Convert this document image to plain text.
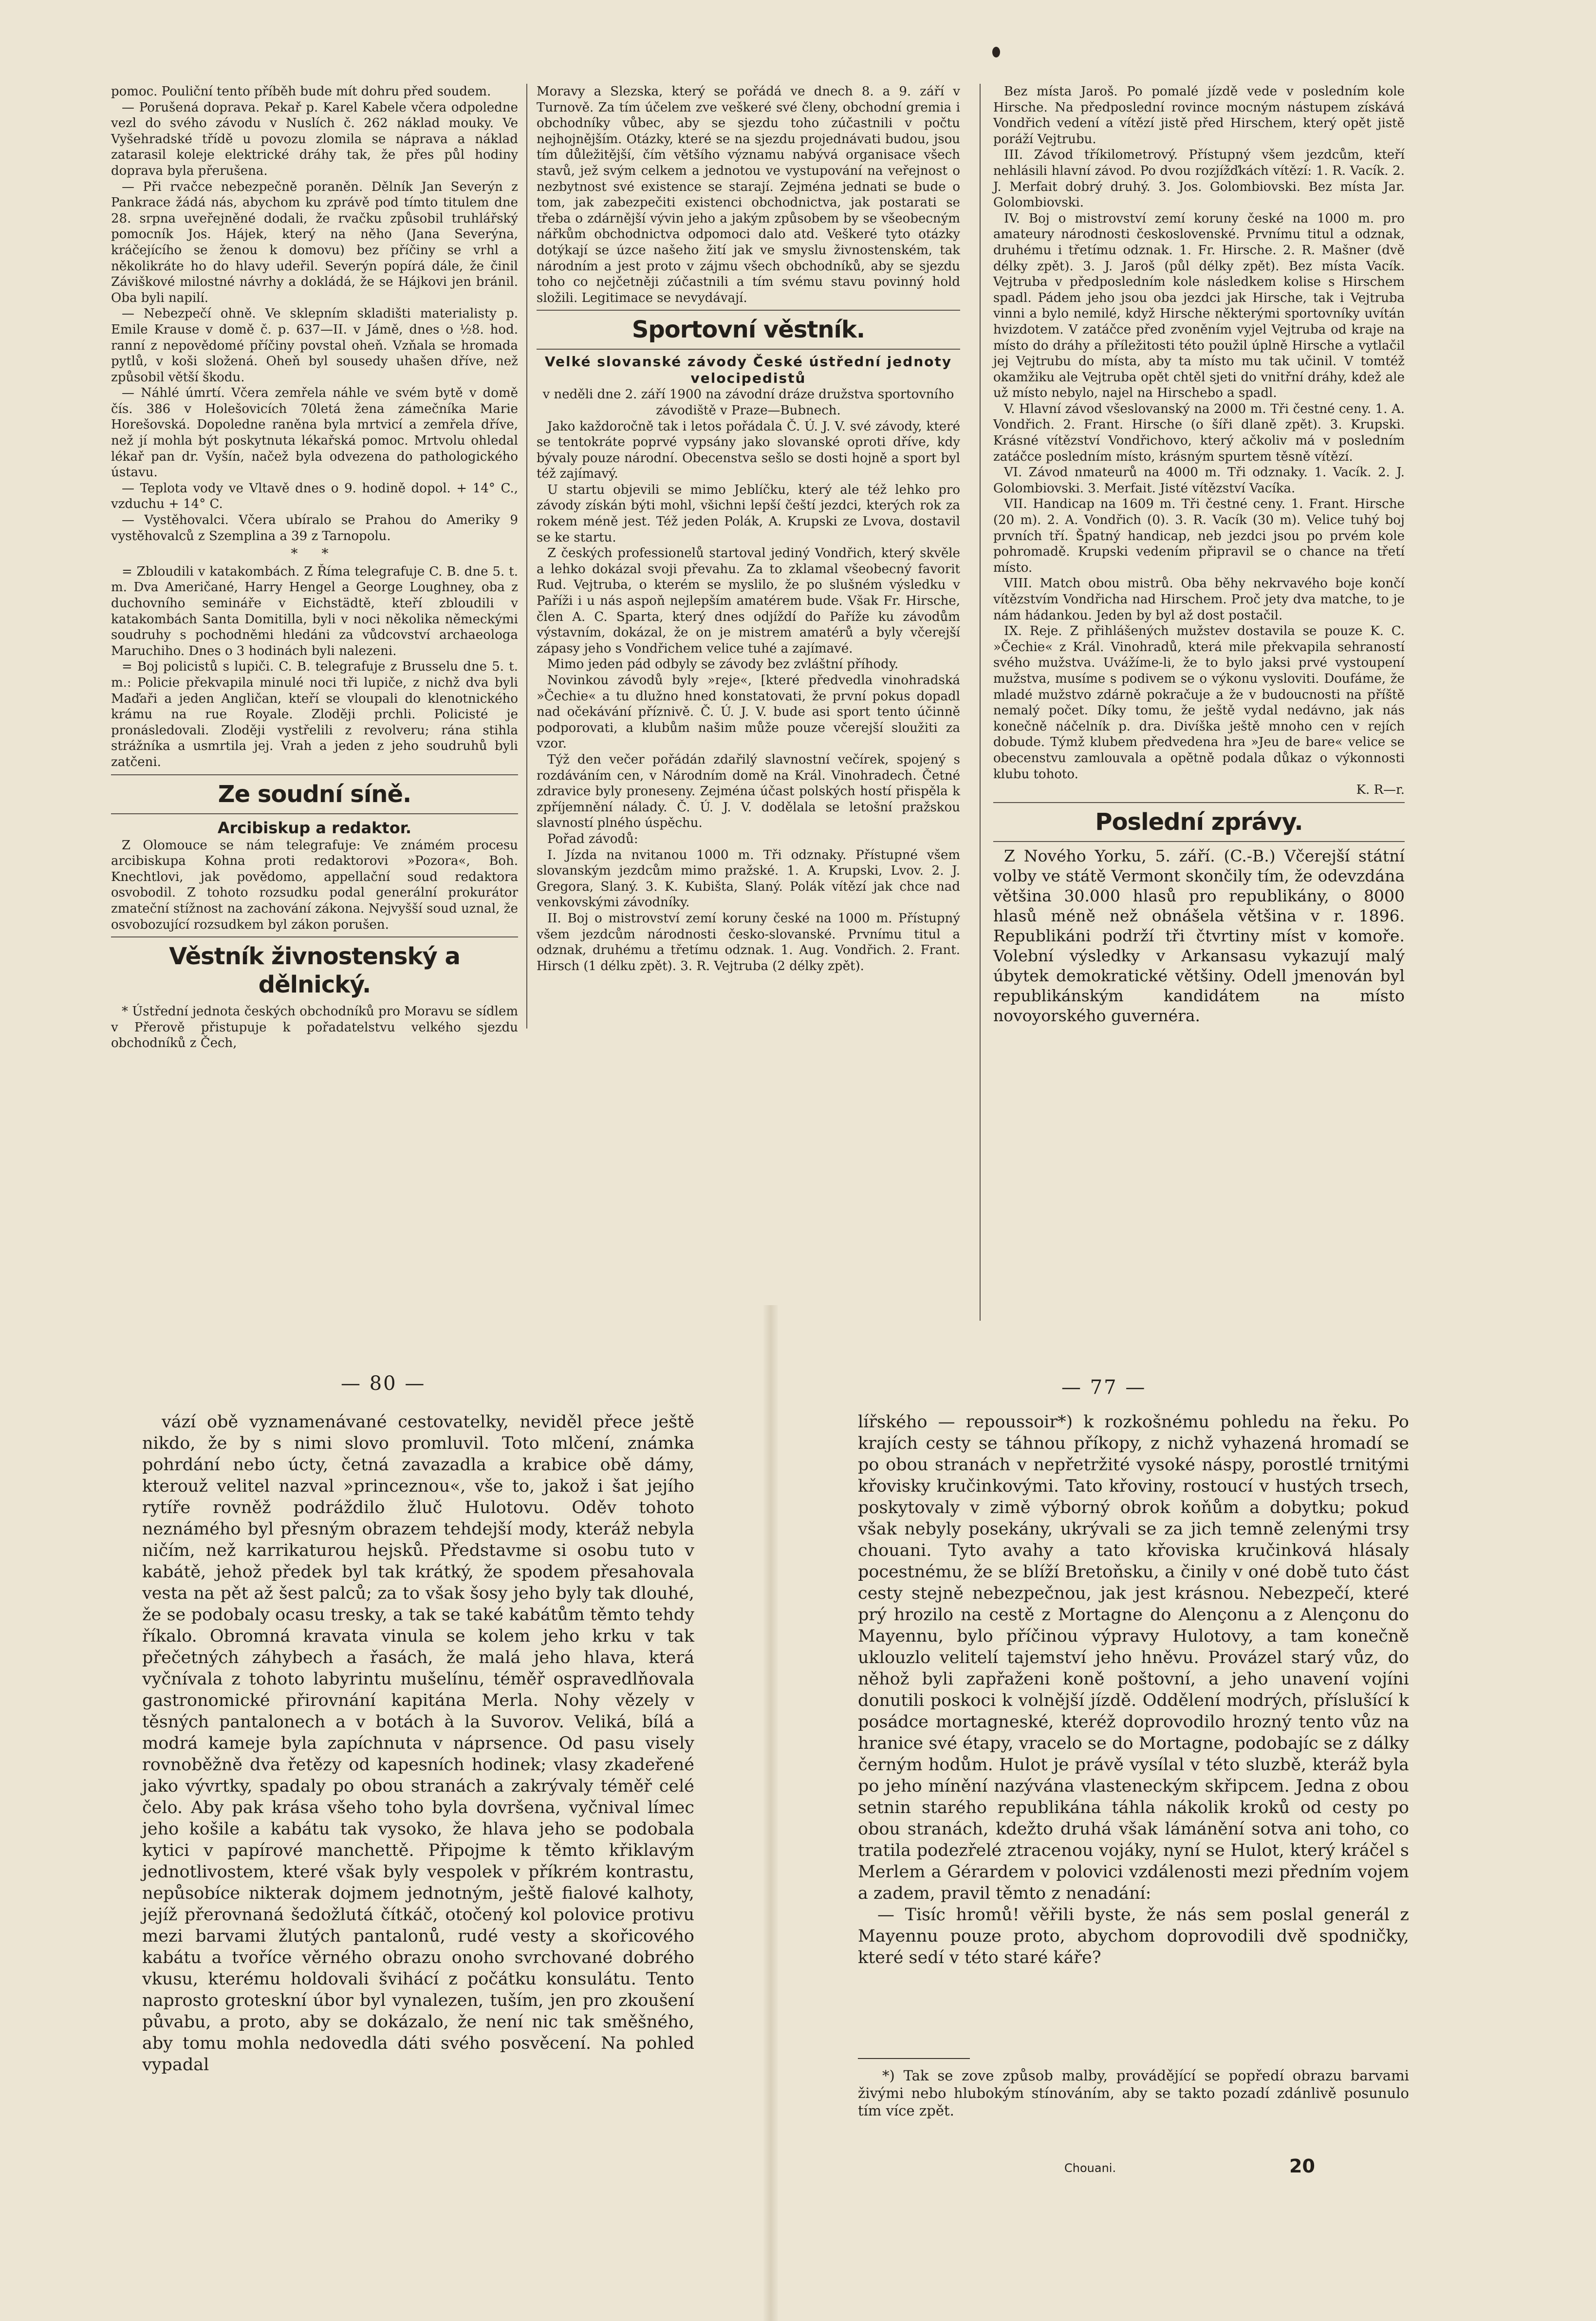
pomoc. Pouliční tento příběh bude mít dohru před soudem.

— Porušená doprava. Pekař p. Karel Kabele včera odpoledne vezl do svého závodu v Nuslích č. 262 náklad mouky. Ve Vyšehradské třídě u povozu zlomila se náprava a náklad zatarasil koleje elektrické dráhy tak, že přes půl hodiny doprava byla přerušena.

— Při rvačce nebezpečně poraněn. Dělník Jan Severýn z Pankrace žádá nás, abychom ku zprávě pod tímto titulem dne 28. srpna uveřejněné dodali, že rvačku způsobil truhlářský pomocník Jos. Hájek, který na něho (Jana Severýna, kráčejícího se ženou k domovu) bez příčiny se vrhl a několikráte ho do hlavy udeřil. Severýn popírá dále, že činil Záviškové milostné návrhy a dokládá, že se Hájkovi jen bránil. Oba byli napilí.

— Nebezpečí ohně. Ve sklepním skladišti materialisty p. Emile Krause v domě č. p. 637—II. v Jámě, dnes o ½8. hod. ranní z nepovědomé příčiny povstal oheň. Vzňala se hromada pytlů, v koši složená. Oheň byl sousedy uhašen dříve, než způsobil větší škodu.

— Náhlé úmrtí. Včera zemřela náhle ve svém bytě v domě čís. 386 v Holešovicích 70letá žena zámečníka Marie Horešovská. Dopoledne raněna byla mrtvicí a zemřela dříve, než jí mohla být poskytnuta lékařská pomoc. Mrtvolu ohledal lékař pan dr. Vyšín, načež byla odvezena do pathologického ústavu.

— Teplota vody ve Vltavě dnes o 9. hodině dopol. + 14° C., vzduchu + 14° C.

— Vystěhovalci. Včera ubíralo se Prahou do Ameriky 9 vystěhovalců z Szemplina a 39 z Tarnopolu.

* *

= Zbloudili v katakombách. Z Říma telegrafuje C. B. dne 5. t. m. Dva Američané, Harry Hengel a George Loughney, oba z duchovního semináře v Eichstädtě, kteří zbloudili v katakombách Santa Domitilla, byli v noci několika německými soudruhy s pochodněmi hledáni za vůdcovství archaeologa Maruchiho. Dnes o 3 hodinách byli nalezeni.

= Boj policistů s lupiči. C. B. telegrafuje z Brusselu dne 5. t. m.: Policie překvapila minulé noci tři lupiče, z nichž dva byli Maďaři a jeden Angličan, kteří se vloupali do klenotnického krámu na rue Royale. Zloději prchli. Policisté je pronásledovali. Zloději vystřelili z revolveru; rána stihla strážníka a usmrtila jej. Vrah a jeden z jeho soudruhů byli zatčeni.

Ze soudní síně.
Arcibiskup a redaktor.

Z Olomouce se nám telegrafuje: Ve známém procesu arcibiskupa Kohna proti redaktorovi »Pozora«, Boh. Knechtlovi, jak povědomo, appellační soud redaktora osvobodil. Z tohoto rozsudku podal generální prokurátor zmateční stížnost na zachování zákona. Nejvyšší soud uznal, že osvobozující rozsudkem byl zákon porušen.

Věstník živnostenský a dělnický.

* Ústřední jednota českých obchodníků pro Moravu se sídlem v Přerově přistupuje k pořadatelstvu velkého sjezdu obchodníků z Čech,

Moravy a Slezska, který se pořádá ve dnech 8. a 9. září v Turnově. Za tím účelem zve veškeré své členy, obchodní gremia i obchodníky vůbec, aby se sjezdu toho zúčastnili v počtu nejhojnějším. Otázky, které se na sjezdu projednávati budou, jsou tím důležitější, čím většího významu nabývá organisace všech stavů, jež svým celkem a jednotou ve vystupování na veřejnost o nezbytnost své existence se starají. Zejména jednati se bude o tom, jak zabezpečiti existenci obchodnictva, jak postarati se třeba o zdárnější vývin jeho a jakým způsobem by se všeobecným nářkům obchodnictva odpomoci dalo atd. Veškeré tyto otázky dotýkají se úzce našeho žití jak ve smyslu živnostenském, tak národním a jest proto v zájmu všech obchodníků, aby se sjezdu toho co nejčetněji zúčastnili a tím svému stavu povinný hold složili. Legitimace se nevydávají.

Sportovní věstník.
Velké slovanské závody České ústřední jednoty velocipedistů

v neděli dne 2. září 1900 na závodní dráze družstva sportovního závodiště v Praze—Bubnech.

Jako každoročně tak i letos pořádala Č. Ú. J. V. své závody, které se tentokráte poprvé vypsány jako slovanské oproti dříve, kdy bývaly pouze národní. Obecenstva sešlo se dosti hojně a sport byl též zajímavý.

U startu objevili se mimo Jeblíčku, který ale též lehko pro závody získán býti mohl, všichni lepší čeští jezdci, kterých rok za rokem méně jest. Též jeden Polák, A. Krupski ze Lvova, dostavil se ke startu.

Z českých professionelů startoval jediný Vondřich, který skvěle a lehko dokázal svoji převahu. Za to zklamal všeobecný favorit Rud. Vejtruba, o kterém se myslilo, že po slušném výsledku v Paříži i u nás aspoň nejlepším amatérem bude. Však Fr. Hirsche, člen A. C. Sparta, který dnes odjíždí do Paříže ku závodům výstavním, dokázal, že on je mistrem amatérů a byly včerejší zápasy jeho s Vondřichem velice tuhé a zajímavé.

Mimo jeden pád odbyly se závody bez zvláštní příhody.

Novinkou závodů byly »reje«, [které předvedla vinohradská »Čechie« a tu dlužno hned konstatovati, že první pokus dopadl nad očekávání příznivě. Č. Ú. J. V. bude asi sport tento účinně podporovati, a klubům našim může pouze včerejší sloužiti za vzor.

Týž den večer pořádán zdařilý slavnostní večírek, spojený s rozdáváním cen, v Národním domě na Král. Vinohradech. Četné zdravice byly proneseny. Zejména účast polských hostí přispěla k zpříjemnění nálady. Č. Ú. J. V. dodělala se letošní pražskou slavností plného úspěchu.

Pořad závodů:

I. Jízda na nvitanou 1000 m. Tři odznaky. Přístupné všem slovanským jezdcům mimo pražské. 1. A. Krupski, Lvov. 2. J. Gregora, Slaný. 3. K. Kubišta, Slaný. Polák vítězí jak chce nad venkovskými závodníky.

II. Boj o mistrovství zemí koruny české na 1000 m. Přístupný všem jezdcům národnosti česko-slovanské. Prvnímu titul a odznak, druhému a třetímu odznak. 1. Aug. Vondřich. 2. Frant. Hirsch (1 délku zpět). 3. R. Vejtruba (2 délky zpět).

Bez místa Jaroš. Po pomalé jízdě vede v posledním kole Hirsche. Na předposlední rovince mocným nástupem získává Vondřich vedení a vítězí jistě před Hirschem, který opět jistě poráží Vejtrubu.

III. Závod tříkilometrový. Přístupný všem jezdcům, kteří nehlásili hlavní závod. Po dvou rozjížďkách vítězí: 1. R. Vacík. 2. J. Merfait dobrý druhý. 3. Jos. Golombiovski. Bez místa Jar. Golombiovski.

IV. Boj o mistrovství zemí koruny české na 1000 m. pro amateury národnosti československé. Prvnímu titul a odznak, druhému i třetímu odznak. 1. Fr. Hirsche. 2. R. Mašner (dvě délky zpět). 3. J. Jaroš (půl délky zpět). Bez místa Vacík. Vejtruba v předposledním kole následkem kolise s Hirschem spadl. Pádem jeho jsou oba jezdci jak Hirsche, tak i Vejtruba vinni a bylo nemilé, když Hirsche některými sportovníky uvítán hvizdotem. V zatáčce před zvoněním vyjel Vejtruba od kraje na místo do dráhy a příležitosti této použil úplně Hirsche a vytlačil jej Vejtrubu do místa, aby ta místo mu tak učinil. V tomtéž okamžiku ale Vejtruba opět chtěl sjeti do vnitřní dráhy, kdež ale už místo nebylo, najel na Hirschebo a spadl.

V. Hlavní závod všeslovanský na 2000 m. Tři čestné ceny. 1. A. Vondřich. 2. Frant. Hirsche (o šíři dlaně zpět). 3. Krupski. Krásné vítězství Vondřichovo, který ačkoliv má v posledním zatáčce posledním místo, krásným spurtem těsně vítězí.

VI. Závod nmateurů na 4000 m. Tři odznaky. 1. Vacík. 2. J. Golombiovski. 3. Merfait. Jisté vítězství Vacíka.

VII. Handicap na 1609 m. Tři čestné ceny. 1. Frant. Hirsche (20 m). 2. A. Vondřich (0). 3. R. Vacík (30 m). Velice tuhý boj prvních tří. Špatný handicap, neb jezdci jsou po prvém kole pohromadě. Krupski vedením připravil se o chance na třetí místo.

VIII. Match obou mistrů. Oba běhy nekrvavého boje končí vítězstvím Vondřicha nad Hirschem. Proč jety dva matche, to je nám hádankou. Jeden by byl až dost postačil.

IX. Reje. Z přihlášených mužstev dostavila se pouze K. C. »Čechie« z Král. Vinohradů, která mile překvapila sehraností svého mužstva. Uvážíme-li, že to bylo jaksi prvé vystoupení mužstva, musíme s podivem se o výkonu vysloviti. Doufáme, že mladé mužstvo zdárně pokračuje a že v budoucnosti na příště nemalý počet. Díky tomu, že ještě vydal nedávno, jak nás konečně náčelník p. dra. Divíška ještě mnoho cen v rejích dobude. Týmž klubem předvedena hra »Jeu de bare« velice se obecenstvu zamlouvala a opětně podala důkaz o výkonnosti klubu tohoto.

K. R—r.

Poslední zprávy.

Z Nového Yorku, 5. září. (C.-B.) Včerejší státní volby ve státě Vermont skončily tím, že odevzdána většina 30.000 hlasů pro republikány, o 8000 hlasů méně než obnášela většina v r. 1896. Republikáni podrží tři čtvrtiny míst v komoře. Volební výsledky v Arkansasu vykazují malý úbytek demokratické většiny. Odell jmenován byl republikánským kandidátem na místo novoyorského guvernéra.

— 80 —	— 77 —

vází obě vyznamenávané cestovatelky, neviděl přece ještě nikdo, že by s nimi slovo promluvil. Toto mlčení, známka pohrdání nebo úcty, četná zavazadla a krabice obě dámy, kterouž velitel nazval »princeznou«, vše to, jakož i šat jejího rytíře rovněž podráždilo žluč Hulotovu. Oděv tohoto neznámého byl přesným obrazem tehdejší mody, kteráž nebyla ničím, než karrikaturou hejsků. Představme si osobu tuto v kabátě, jehož předek byl tak krátký, že spodem přesahovala vesta na pět až šest palců; za to však šosy jeho byly tak dlouhé, že se podobaly ocasu tresky, a tak se také kabátům těmto tehdy říkalo. Obromná kravata vinula se kolem jeho krku v tak přečetných záhybech a řasách, že malá jeho hlava, která vyčnívala z tohoto labyrintu mušelínu, téměř ospravedlňovala gastronomické přirovnání kapitána Merla. Nohy vězely v těsných pantalonech a v botách à la Suvorov. Veliká, bílá a modrá kameje byla zapíchnuta v náprsence. Od pasu visely rovnoběžně dva řetězy od kapesních hodinek; vlasy zkadeřené jako vývrtky, spadaly po obou stranách a zakrývaly téměř celé čelo. Aby pak krása všeho toho byla dovršena, vyčnival límec jeho košile a kabátu tak vysoko, že hlava jeho se podobala kytici v papírové manchettě. Připojme k těmto křiklavým jednotlivostem, které však byly vespolek v příkrém kontrastu, nepůsobíce nikterak dojmem jednotným, ještě fialové kalhoty, jejíž přerovnaná šedožlutá čítkáč, otočený kol polovice protivu mezi barvami žlutých pantalonů, rudé vesty a skořicového kabátu a tvoříce věrného obrazu onoho svrchované dobrého vkusu, kterému holdovali švihácí z počátku konsulátu. Tento naprosto groteskní úbor byl vynalezen, tuším, jen pro zkoušení půvabu, a proto, aby se dokázalo, že není nic tak směšného, aby tomu mohla nedovedla dáti svého posvěcení. Na pohled vypadal

lířského — repoussoir*) k rozkošnému pohledu na řeku. Po krajích cesty se táhnou příkopy, z nichž vyhazená hromadí se po obou stranách v nepřetržité vysoké náspy, porostlé trnitými křovisky kručinkovými. Tato křoviny, rostoucí v hustých trsech, poskytovaly v zimě výborný obrok koňům a dobytku; pokud však nebyly posekány, ukrývali se za jich temně zelenými trsy chouani. Tyto avahy a tato křoviska kručinková hlásaly pocestnému, že se blíží Bretoňsku, a činily v oné době tuto část cesty stejně nebezpečnou, jak jest krásnou. Nebezpečí, které prý hrozilo na cestě z Mortagne do Alençonu a z Alençonu do Mayennu, bylo příčinou výpravy Hulotovy, a tam konečně uklouzlo velitelí tajemství jeho hněvu. Provázel starý vůz, do něhož byli zapřaženi koně poštovní, a jeho unavení vojíni donutili poskoci k volnější jízdě. Oddělení modrých, příslušící k posádce mortagneské, kteréž doprovodilo hrozný tento vůz na hranice své étapy, vracelo se do Mortagne, podobajíc se z dálky černým hodům. Hulot je právě vysílal v této sluzbě, kteráž byla po jeho mínění nazývána vlasteneckým skřipcem. Jedna z obou setnin starého republikána táhla nákolik kroků od cesty po obou stranách, kdežto druhá však lámánění sotva ani toho, co tratila podezřelé ztracenou vojáky, nyní se Hulot, který kráčel s Merlem a Gérardem v polovici vzdálenosti mezi předním vojem a zadem, pravil těmto z nenadání:

— Tisíc hromů! věřili byste, že nás sem poslal generál z Mayennu pouze proto, abychom doprovodili dvě spodničky, které sedí v této staré káře?

*) Tak se zove způsob malby, provádějící se popředí obrazu barvami živými nebo hlubokým stínováním, aby se takto pozadí zdánlivě posunulo tím více zpět.

Chouani.	20
